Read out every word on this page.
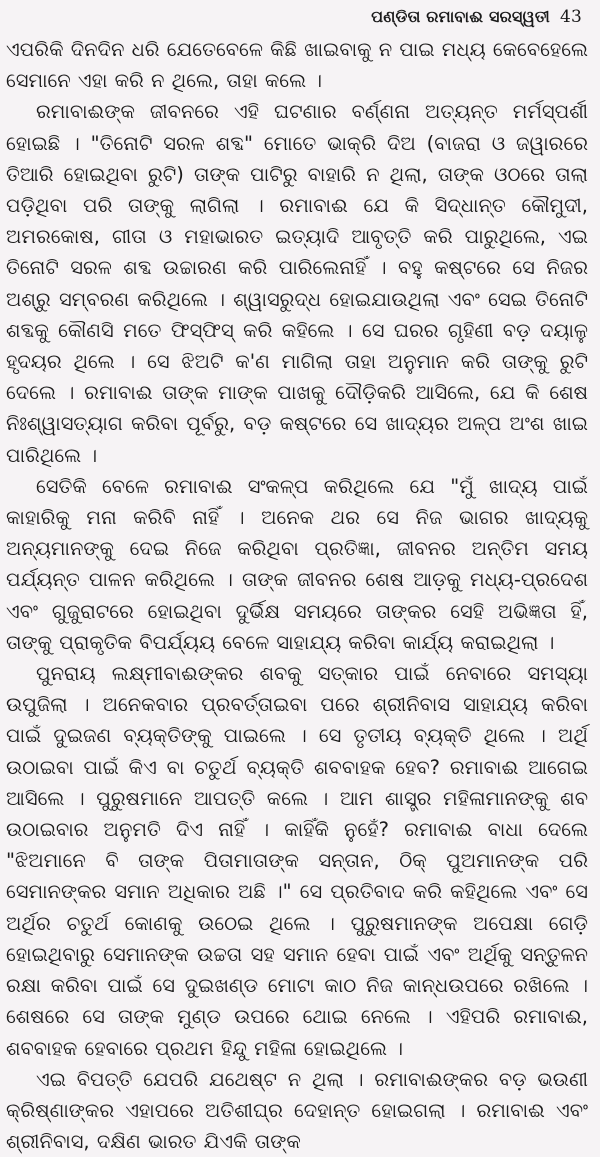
ପଣ୍ଡିତା ରମାବାଈ ସରସ୍ୱତୀ 43

ଏପରିକି ଦିନଦିନ ଧରି ଯେତେବେଳେ କିଛି ଖାଇବାକୁ ନ ପାଇ ମଧ୍ୟ କେବେହେଲେ ସେମାନେ ଏହା କରି ନ ଥିଲେ, ତାହା କଲେ ।

ରମାବାଈଙ୍କ ଜୀବନରେ ଏହି ଘଟଣାର ବର୍ଣ୍ଣନା ଅତ୍ୟନ୍ତ ମର୍ମସ୍ପର୍ଶୀ ହୋଇଛି । "ତିନୋଟି ସରଳ ଶବ୍ଦ" ମୋତେ ଭାକ୍ରି ଦିଅ (ବାଜରା ଓ ଜୱାରରେ ତିଆରି ହୋଇଥିବା ରୁଟି) ତାଙ୍କ ପାଟିରୁ ବାହାରି ନ ଥିଲା, ତାଙ୍କ ଓଠରେ ତାଲା ପଡ଼ିଥିବା ପରି ତାଙ୍କୁ ଲାଗିଲା । ରମାବାଈ ଯେ କି ସିଦ୍ଧାନ୍ତ କୌମୁଦୀ, ଅମରକୋଷ, ଗୀତା ଓ ମହାଭାରତ ଇତ୍ୟାଦି ଆବୃତ୍ତି କରି ପାରୁଥିଲେ, ଏଇ ତିନୋଟି ସରଳ ଶବ୍ଦ ଉଚ୍ଚାରଣ କରି ପାରିଲେନାହିଁ । ବହୁ କଷ୍ଟରେ ସେ ନିଜର ଅଶ୍ରୁ ସମ୍ବରଣ କରିଥିଲେ । ଶ୍ୱାସରୁଦ୍ଧ ହୋଇଯାଉଥିଲା ଏବଂ ସେଇ ତିନୋଟି ଶବ୍ଦକୁ କୌଣସି ମତେ ଫିସ୍‌ଫିସ୍ କରି କହିଲେ । ସେ ଘରର ଗୃହିଣୀ ବଡ଼ ଦୟାଳୁ ହୃଦୟର ଥିଲେ । ସେ ଝିଅଟି କ'ଣ ମାଗିଲା ତାହା ଅନୁମାନ କରି ତାଙ୍କୁ ରୁଟି ଦେଲେ । ରମାବାଈ ତାଙ୍କ ମାଙ୍କ ପାଖକୁ ଦୌଡ଼ିକରି ଆସିଲେ, ଯେ କି ଶେଷ ନିଃଶ୍ୱାସତ୍ୟାଗ କରିବା ପୂର୍ବରୁ, ବଡ଼ କଷ୍ଟରେ ସେ ଖାଦ୍ୟର ଅଳ୍ପ ଅଂଶ ଖାଇ ପାରିଥିଲେ ।

ସେତିକି ବେଳେ ରମାବାଈ ସଂକଳ୍ପ କରିଥିଲେ ଯେ "ମୁଁ ଖାଦ୍ୟ ପାଇଁ କାହାରିକୁ ମନା କରିବି ନାହିଁ । ଅନେକ ଥର ସେ ନିଜ ଭାଗର ଖାଦ୍ୟକୁ ଅନ୍ୟମାନଙ୍କୁ ଦେଇ ନିଜେ କରିଥିବା ପ୍ରତିଜ୍ଞା, ଜୀବନର ଅନ୍ତିମ ସମୟ ପର୍ଯ୍ୟନ୍ତ ପାଳନ କରିଥିଲେ । ତାଙ୍କ ଜୀବନର ଶେଷ ଆଡ଼କୁ ମଧ୍ୟ-ପ୍ରଦେଶ ଏବଂ ଗୁଜୁରାଟରେ ହୋଇଥିବା ଦୁର୍ଭିକ୍ଷ ସମୟରେ ତାଙ୍କର ସେହି ଅଭିଜ୍ଞତା ହିଁ, ତାଙ୍କୁ ପ୍ରାକୃତିକ ବିପର୍ଯ୍ୟୟ ବେଳେ ସାହାଯ୍ୟ କରିବା କାର୍ଯ୍ୟ କରାଇଥିଲା ।

ପୁନରାୟ ଲକ୍ଷ୍ମୀବାଈଙ୍କର ଶବକୁ ସତ୍କାର ପାଇଁ ନେବାରେ ସମସ୍ୟା ଉପୁଜିଲା । ଅନେକବାର ପ୍ରବର୍ତ୍ତାଇବା ପରେ ଶ୍ରୀନିବାସ ସାହାଯ୍ୟ କରିବା ପାଇଁ ଦୁଇଜଣ ବ୍ୟକ୍ତିଙ୍କୁ ପାଇଲେ । ସେ ତୃତୀୟ ବ୍ୟକ୍ତି ଥିଲେ । ଅର୍ଥି ଉଠାଇବା ପାଇଁ କିଏ ବା ଚତୁର୍ଥ ବ୍ୟକ୍ତି ଶବବାହକ ହେବ? ରମାବାଈ ଆଗେଇ ଆସିଲେ । ପୁରୁଷମାନେ ଆପତ୍ତି କଲେ । ଆମ ଶାସ୍ତ୍ର ମହିଳାମାନଙ୍କୁ ଶବ ଉଠାଇବାର ଅନୁମତି ଦିଏ ନାହିଁ । କାହିଁକି ନୁହେଁ? ରମାବାଈ ବାଧା ଦେଲେ "ଝିଅମାନେ ବି ତାଙ୍କ ପିତାମାତାଙ୍କ ସନ୍ତାନ, ଠିକ୍ ପୁଅମାନଙ୍କ ପରି ସେମାନଙ୍କର ସମାନ ଅଧିକାର ଅଛି ।" ସେ ପ୍ରତିବାଦ କରି କହିଥିଲେ ଏବଂ ସେ ଅର୍ଥିର ଚତୁର୍ଥ କୋଣକୁ ଉଠେଇ ଥିଲେ । ପୁରୁଷମାନଙ୍କ ଅପେକ୍ଷା ଗେଡ଼ି ହୋଇଥିବାରୁ ସେମାନଙ୍କ ଉଚ୍ଚତା ସହ ସମାନ ହେବା ପାଇଁ ଏବଂ ଅର୍ଥିକୁ ସନ୍ତୁଳନ ରକ୍ଷା କରିବା ପାଇଁ ସେ ଦୁଇଖଣ୍ଡ ମୋଟା କାଠ ନିଜ କାନ୍ଧଉପରେ ରଖିଲେ । ଶେଷରେ ସେ ତାଙ୍କ ମୁଣ୍ଡ ଉପରେ ଥୋଇ ନେଲେ । ଏହିପରି ରମାବାଈ, ଶବବାହକ ହେବାରେ ପ୍ରଥମ ହିନ୍ଦୁ ମହିଳା ହୋଇଥିଲେ ।

ଏଇ ବିପତ୍ତି ଯେପରି ଯଥେଷ୍ଟ ନ ଥିଲା । ରମାବାଈଙ୍କର ବଡ଼ ଭଉଣୀ କ୍ରିଷ୍ଣାଙ୍କର ଏହାପରେ ଅତିଶୀଘ୍ର ଦେହାନ୍ତ ହୋଇଗଲା । ରମାବାଈ ଏବଂ ଶ୍ରୀନିବାସ, ଦକ୍ଷିଣ ଭାରତ ଯିଏକି ତାଙ୍କ
